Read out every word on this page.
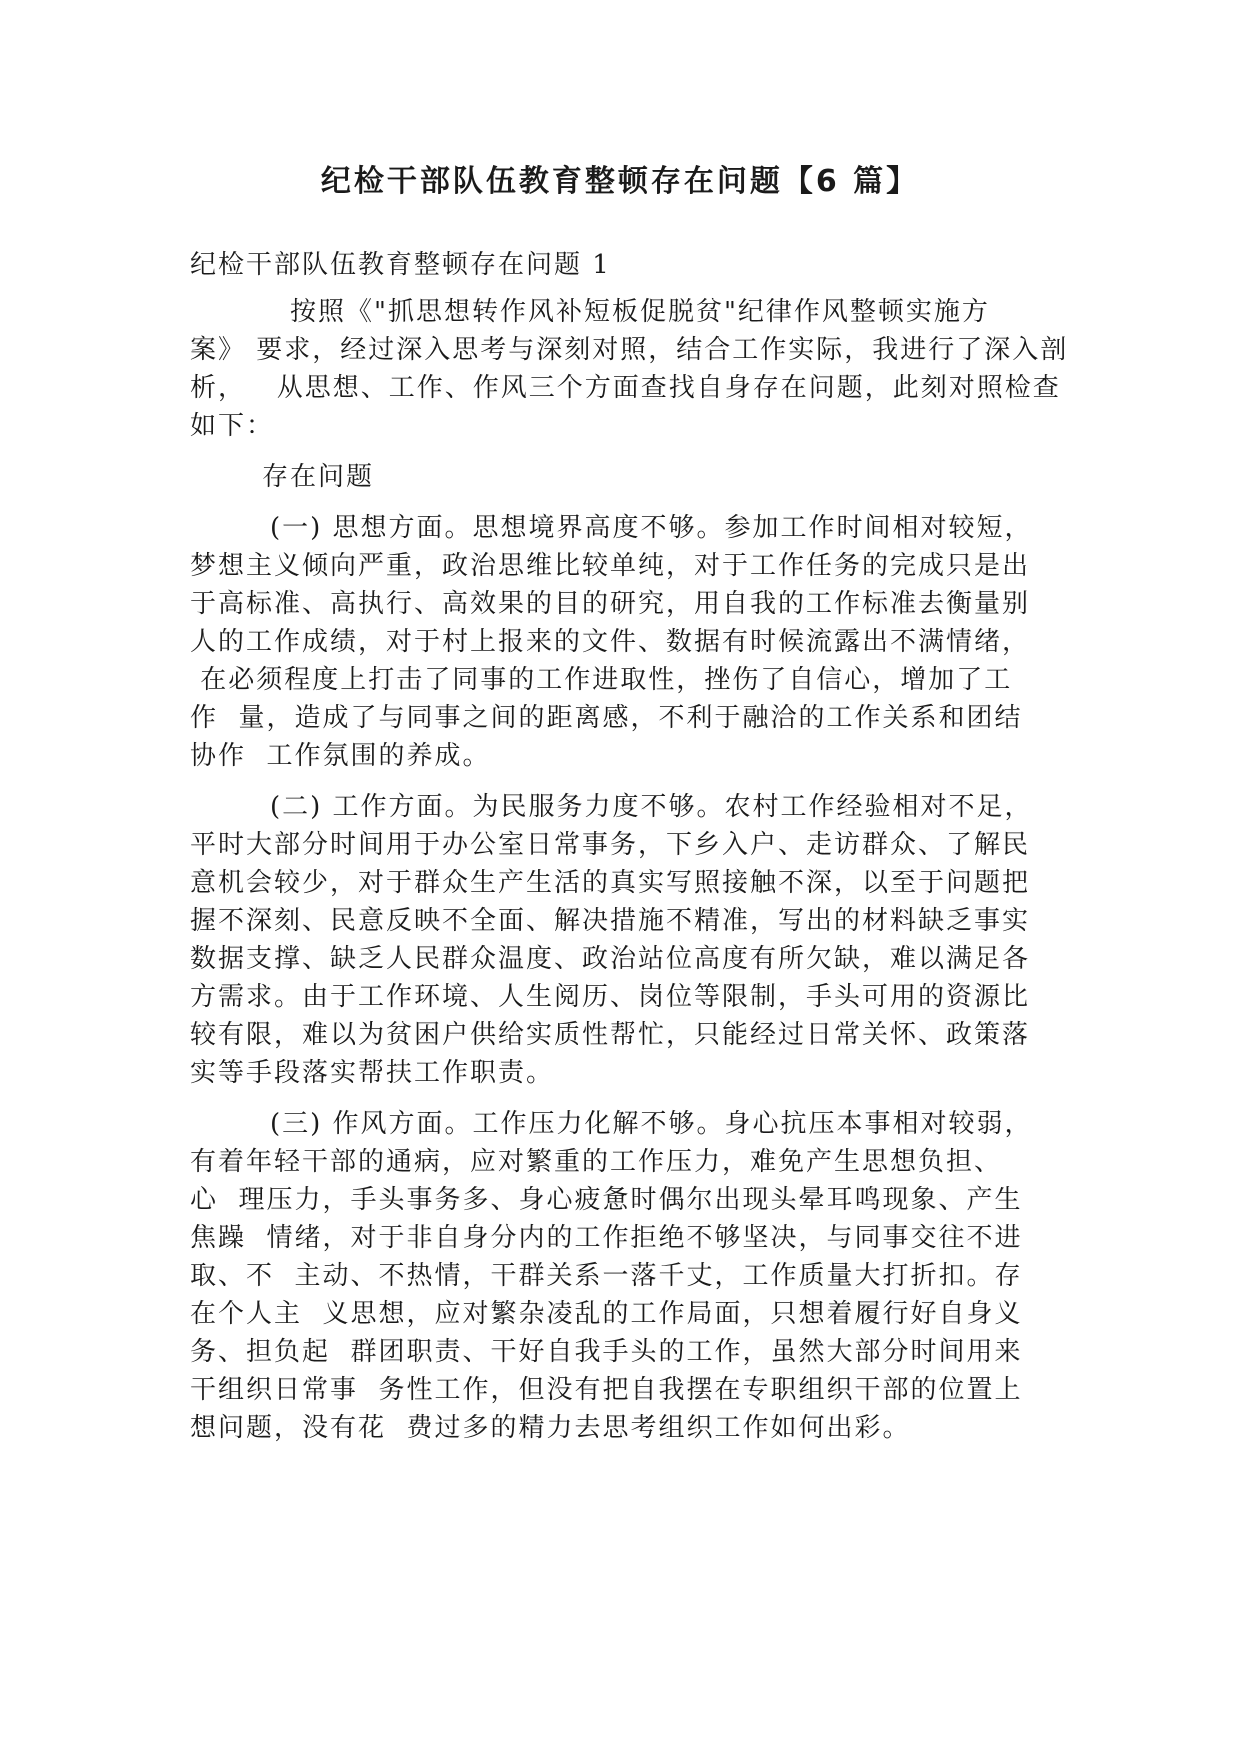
纪检干部队伍教育整顿存在问题【6 篇】

纪检干部队伍教育整顿存在问题 1

按照《"抓思想转作风补短板促脱贫"纪律作风整顿实施方

案》 要求，经过深入思考与深刻对照，结合工作实际，我进行了深入剖

析，   从思想、工作、作风三个方面查找自身存在问题，此刻对照检查

如下：

存在问题

(一) 思想方面。思想境界高度不够。参加工作时间相对较短，

梦想主义倾向严重，政治思维比较单纯，对于工作任务的完成只是出

于高标准、高执行、高效果的目的研究，用自我的工作标准去衡量别

人的工作成绩，对于村上报来的文件、数据有时候流露出不满情绪，

在必须程度上打击了同事的工作进取性，挫伤了自信心，增加了工

作  量，造成了与同事之间的距离感，不利于融洽的工作关系和团结

协作  工作氛围的养成。

(二) 工作方面。为民服务力度不够。农村工作经验相对不足，

平时大部分时间用于办公室日常事务，下乡入户、走访群众、了解民

意机会较少，对于群众生产生活的真实写照接触不深，以至于问题把

握不深刻、民意反映不全面、解决措施不精准，写出的材料缺乏事实

数据支撑、缺乏人民群众温度、政治站位高度有所欠缺，难以满足各

方需求。由于工作环境、人生阅历、岗位等限制，手头可用的资源比

较有限，难以为贫困户供给实质性帮忙，只能经过日常关怀、政策落

实等手段落实帮扶工作职责。

(三) 作风方面。工作压力化解不够。身心抗压本事相对较弱，

有着年轻干部的通病，应对繁重的工作压力，难免产生思想负担、

心  理压力，手头事务多、身心疲惫时偶尔出现头晕耳鸣现象、产生

焦躁  情绪，对于非自身分内的工作拒绝不够坚决，与同事交往不进

取、不  主动、不热情，干群关系一落千丈，工作质量大打折扣。存

在个人主  义思想，应对繁杂凌乱的工作局面，只想着履行好自身义

务、担负起  群团职责、干好自我手头的工作，虽然大部分时间用来

干组织日常事  务性工作，但没有把自我摆在专职组织干部的位置上

想问题，没有花  费过多的精力去思考组织工作如何出彩。
